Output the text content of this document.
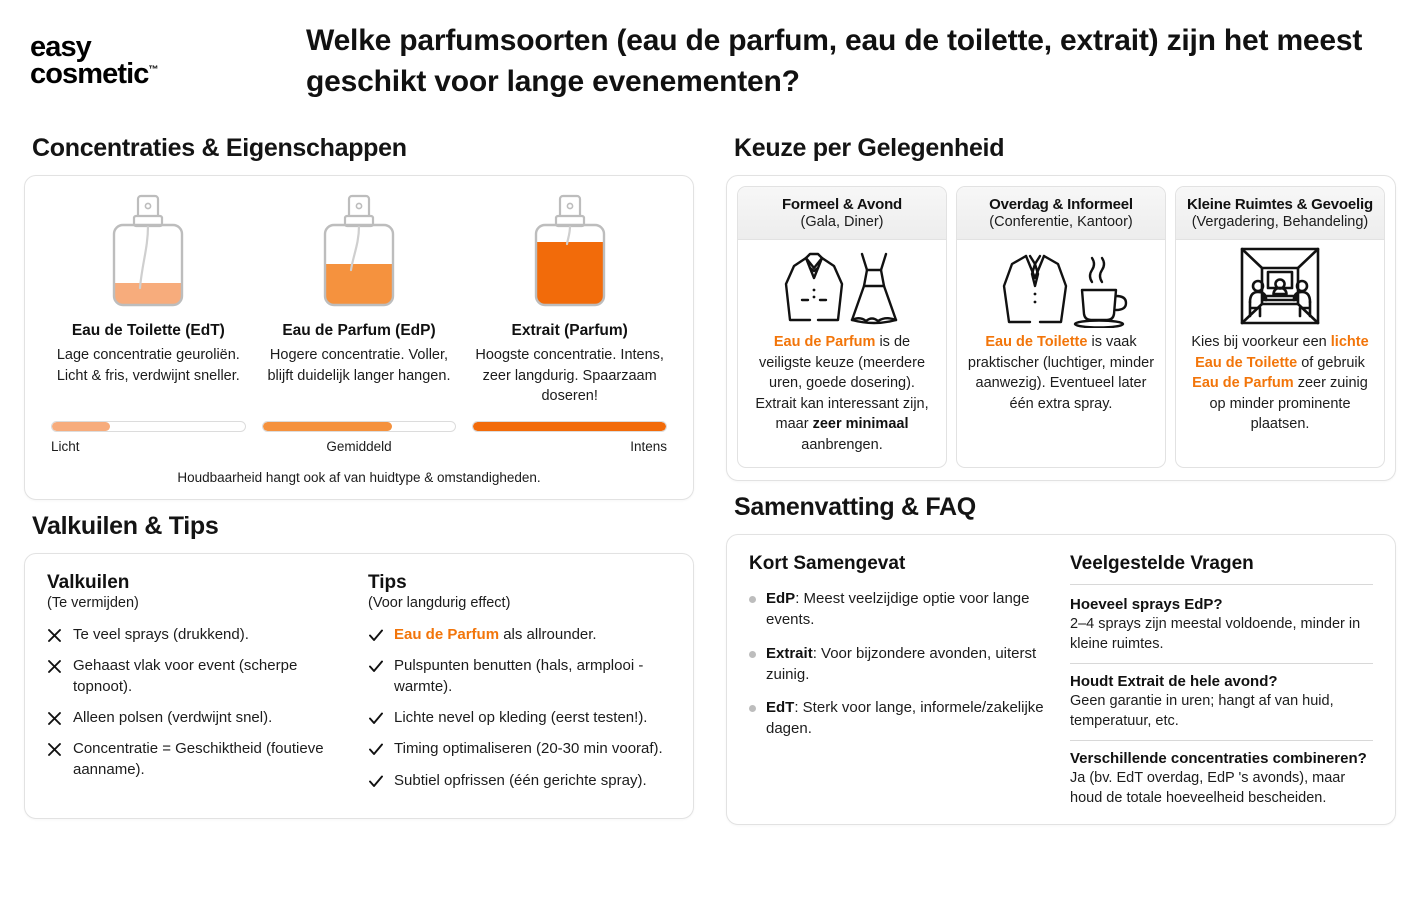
easy
cosmetic™
Welke parfumsoorten (eau de parfum, eau de toilette, extrait) zijn het meest geschikt voor lange evenementen?
Concentraties & Eigenschappen
Eau de Toilette (EdT)
Lage concentratie geuroliën. Licht & fris, verdwijnt sneller.
Eau de Parfum (EdP)
Hogere concentratie. Voller, blijft duidelijk langer hangen.
Extrait (Parfum)
Hoogste concentratie. Intens, zeer langdurig. Spaarzaam doseren!
Licht	Gemiddeld	Intens
Houdbaarheid hangt ook af van huidtype & omstandigheden.
Valkuilen & Tips
Valkuilen
(Te vermijden)
Te veel sprays (drukkend).
Gehaast vlak voor event (scherpe topnoot).
Alleen polsen (verdwijnt snel).
Concentratie = Geschiktheid (foutieve aanname).
Tips
(Voor langdurig effect)
Eau de Parfum als allrounder.
Pulspunten benutten (hals, armplooi - warmte).
Lichte nevel op kleding (eerst testen!).
Timing optimaliseren (20-30 min vooraf).
Subtiel opfrissen (één gerichte spray).
Keuze per Gelegenheid
Formeel & Avond
(Gala, Diner)
Eau de Parfum is de veiligste keuze (meerdere uren, goede dosering). Extrait kan interessant zijn, maar zeer minimaal aanbrengen.
Overdag & Informeel
(Conferentie, Kantoor)
Eau de Toilette is vaak praktischer (luchtiger, minder aanwezig). Eventueel later één extra spray.
Kleine Ruimtes & Gevoelig
(Vergadering, Behandeling)
Kies bij voorkeur een lichte Eau de Toilette of gebruik Eau de Parfum zeer zuinig op minder prominente plaatsen.
Samenvatting & FAQ
Kort Samengevat
EdP: Meest veelzijdige optie voor lange events.
Extrait: Voor bijzondere avonden, uiterst zuinig.
EdT: Sterk voor lange, informele/zakelijke dagen.
Veelgestelde Vragen
Hoeveel sprays EdP?
2–4 sprays zijn meestal voldoende, minder in kleine ruimtes.
Houdt Extrait de hele avond?
Geen garantie in uren; hangt af van huid, temperatuur, etc.
Verschillende concentraties combineren?
Ja (bv. EdT overdag, EdP 's avonds), maar houd de totale hoeveelheid bescheiden.
